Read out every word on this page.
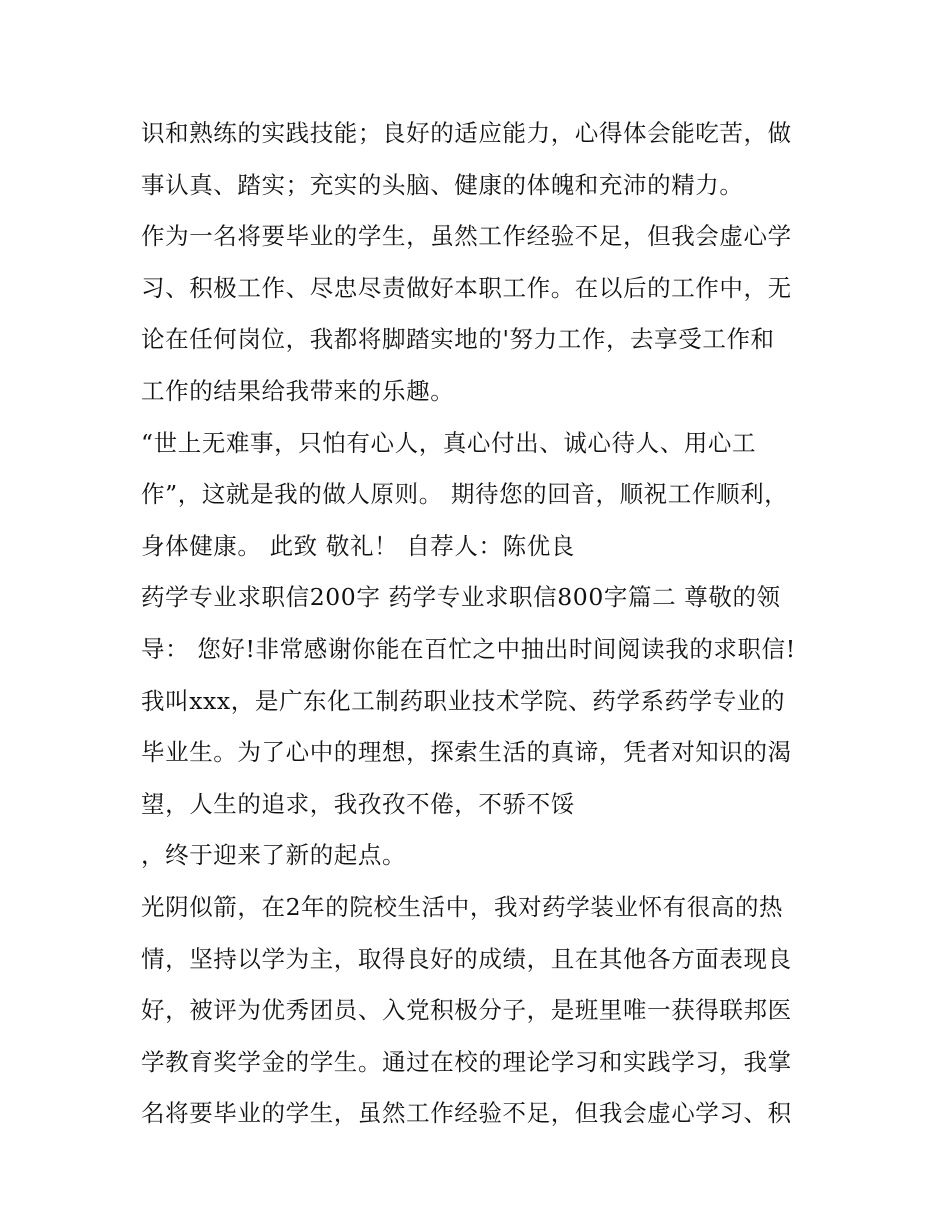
识和熟练的实践技能；良好的适应能力，心得体会能吃苦，做
事认真、踏实；充实的头脑、健康的体魄和充沛的精力。
作为一名将要毕业的学生，虽然工作经验不足，但我会虚心学
习、积极工作、尽忠尽责做好本职工作。在以后的工作中，无
论在任何岗位，我都将脚踏实地的'努力工作，去享受工作和
工作的结果给我带来的乐趣。
“世上无难事，只怕有心人，真心付出、诚心待人、用心工
作”，这就是我的做人原则。 期待您的回音，顺祝工作顺利，
身体健康。 此致 敬礼！ 自荐人：陈优良
药学专业求职信200字 药学专业求职信800字篇二 尊敬的领
导： 您好!非常感谢你能在百忙之中抽出时间阅读我的求职信!
我叫xxx，是广东化工制药职业技术学院、药学系药学专业的
毕业生。为了心中的理想，探索生活的真谛，凭者对知识的渴
望，人生的追求，我孜孜不倦，不骄不馁
，终于迎来了新的起点。
光阴似箭，在2年的院校生活中，我对药学装业怀有很高的热
情，坚持以学为主，取得良好的成绩，且在其他各方面表现良
好，被评为优秀团员、入党积极分子，是班里唯一获得联邦医
学教育奖学金的学生。通过在校的理论学习和实践学习，我掌
名将要毕业的学生，虽然工作经验不足，但我会虚心学习、积
